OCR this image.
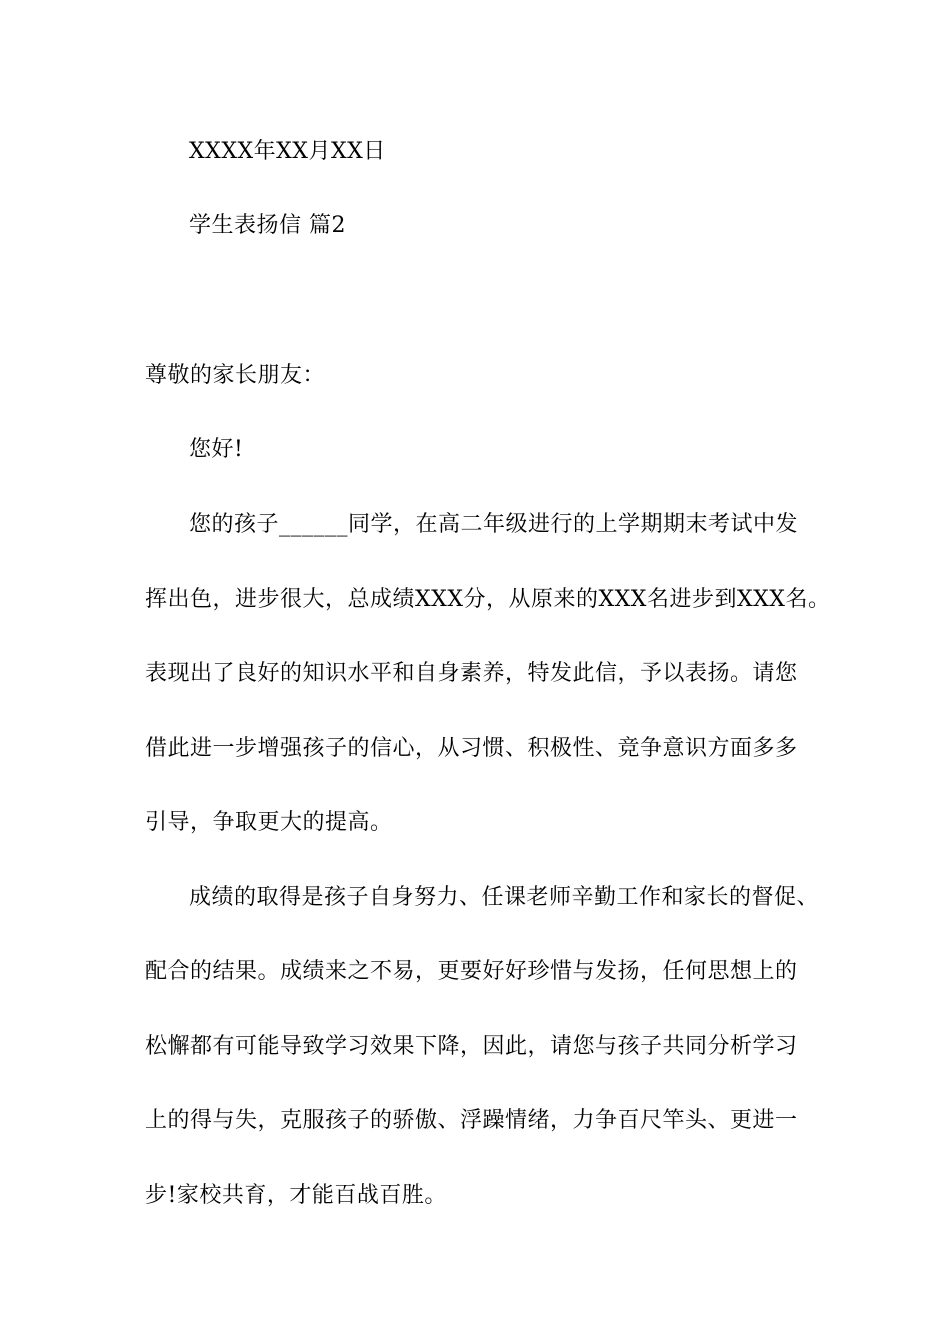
XXXX年XX月XX日
学生表扬信 篇2
尊敬的家长朋友：
您好!
您的孩子______同学，在高二年级进行的上学期期末考试中发
挥出色，进步很大，总成绩XXX分，从原来的XXX名进步到XXX名。
表现出了良好的知识水平和自身素养，特发此信，予以表扬。请您
借此进一步增强孩子的信心，从习惯、积极性、竞争意识方面多多
引导，争取更大的提高。
成绩的取得是孩子自身努力、任课老师辛勤工作和家长的督促、
配合的结果。成绩来之不易，更要好好珍惜与发扬，任何思想上的
松懈都有可能导致学习效果下降，因此，请您与孩子共同分析学习
上的得与失，克服孩子的骄傲、浮躁情绪，力争百尺竿头、更进一
步!家校共育，才能百战百胜。
